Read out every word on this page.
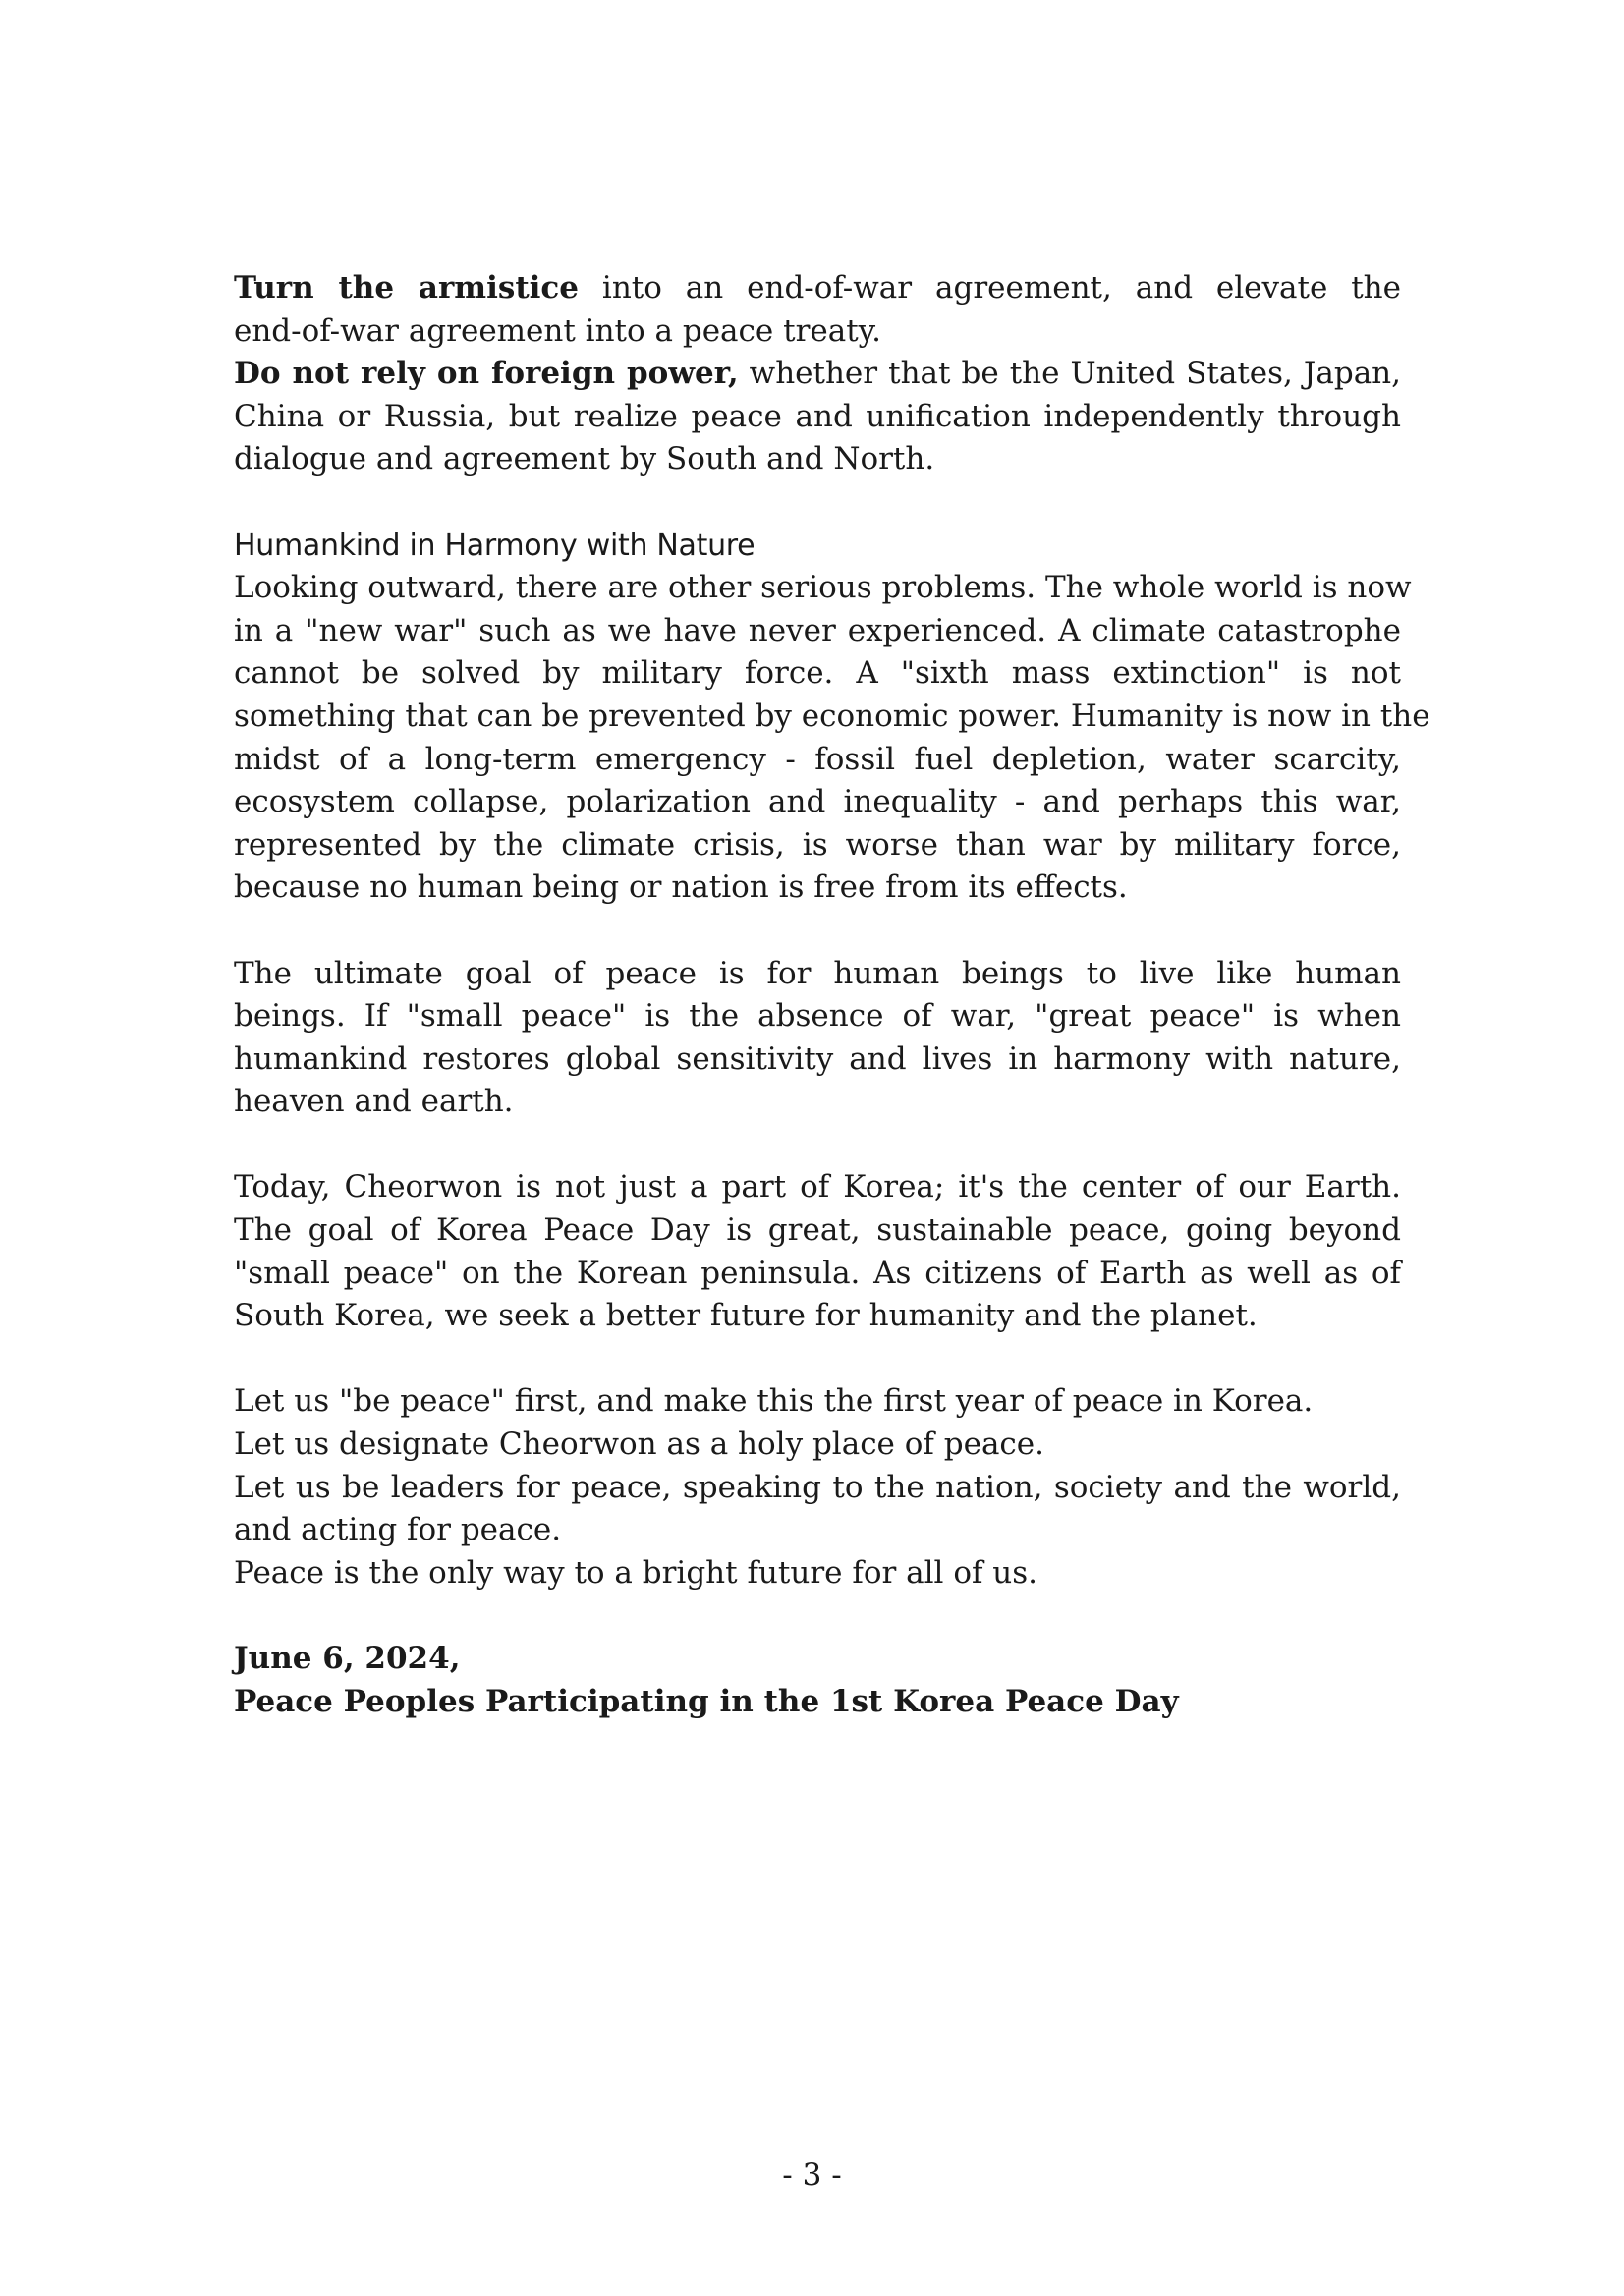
Turn the armistice into an end-of-war agreement, and elevate the
end-of-war agreement into a peace treaty.
Do not rely on foreign power, whether that be the United States, Japan,
China or Russia, but realize peace and unification independently through
dialogue and agreement by South and North.
Humankind in Harmony with Nature
Looking outward, there are other serious problems. The whole world is now
in a "new war" such as we have never experienced. A climate catastrophe
cannot be solved by military force. A "sixth mass extinction" is not
something that can be prevented by economic power. Humanity is now in the
midst of a long-term emergency - fossil fuel depletion, water scarcity,
ecosystem collapse, polarization and inequality - and perhaps this war,
represented by the climate crisis, is worse than war by military force,
because no human being or nation is free from its effects.
The ultimate goal of peace is for human beings to live like human
beings. If "small peace" is the absence of war, "great peace" is when
humankind restores global sensitivity and lives in harmony with nature,
heaven and earth.
Today, Cheorwon is not just a part of Korea; it's the center of our Earth.
The goal of Korea Peace Day is great, sustainable peace, going beyond
"small peace" on the Korean peninsula. As citizens of Earth as well as of
South Korea, we seek a better future for humanity and the planet.
Let us "be peace" first, and make this the first year of peace in Korea.
Let us designate Cheorwon as a holy place of peace.
Let us be leaders for peace, speaking to the nation, society and the world,
and acting for peace.
Peace is the only way to a bright future for all of us.
June 6, 2024,
Peace Peoples Participating in the 1st Korea Peace Day
- 3 -
